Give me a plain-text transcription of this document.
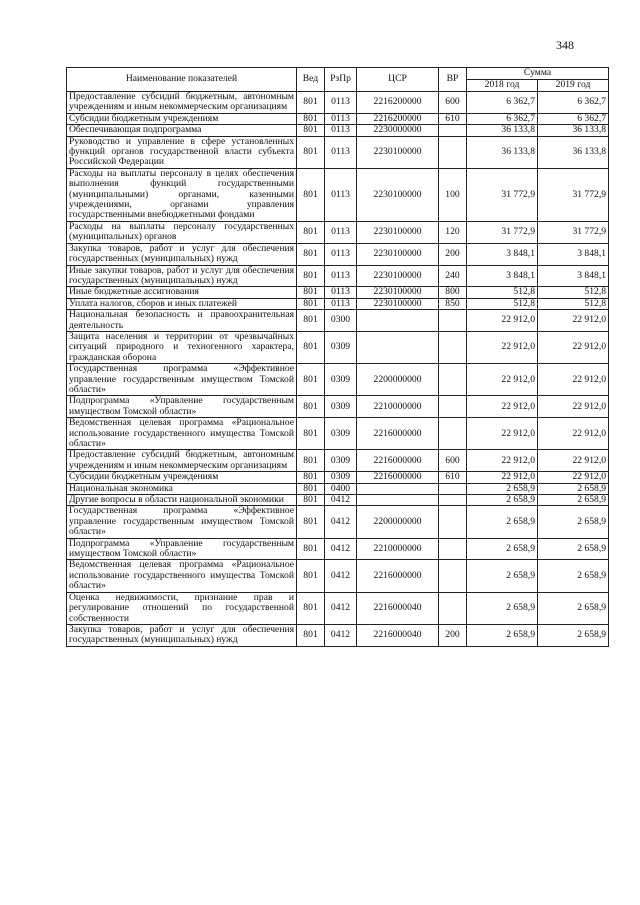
348
Наименование показателей	Вед	РзПр	ЦСР	ВР	Сумма	
					2018 год	2019 год
Предоставление субсидий бюджетным, автономным учреждениям и иным некоммерческим организациям	801	0113	2216200000	600	6 362,7	6 362,7
Субсидии бюджетным учреждениям	801	0113	2216200000	610	6 362,7	6 362,7
Обеспечивающая подпрограмма	801	0113	2230000000		36 133,8	36 133,8
Руководство и управление в сфере установленных функций органов государственной власти субъекта Российской Федерации	801	0113	2230100000		36 133,8	36 133,8
Расходы на выплаты персоналу в целях обеспечения выполнения функций государственными (муниципальными) органами, казенными учреждениями, органами управления государственными внебюджетными фондами	801	0113	2230100000	100	31 772,9	31 772,9
Расходы на выплаты персоналу государственных (муниципальных) органов	801	0113	2230100000	120	31 772,9	31 772,9
Закупка товаров, работ и услуг для обеспечения государственных (муниципальных) нужд	801	0113	2230100000	200	3 848,1	3 848,1
Иные закупки товаров, работ и услуг для обеспечения государственных (муниципальных) нужд	801	0113	2230100000	240	3 848,1	3 848,1
Иные бюджетные ассигнования	801	0113	2230100000	800	512,8	512,8
Уплата налогов, сборов и иных платежей	801	0113	2230100000	850	512,8	512,8
Национальная безопасность и правоохранительная деятельность	801	0300			22 912,0	22 912,0
Защита населения и территории от чрезвычайных ситуаций природного и техногенного характера, гражданская оборона	801	0309			22 912,0	22 912,0
Государственная программа «Эффективное управление государственным имуществом Томской области»	801	0309	2200000000		22 912,0	22 912,0
Подпрограмма «Управление государственным имуществом Томской области»	801	0309	2210000000		22 912,0	22 912,0
Ведомственная целевая программа «Рациональное использование государственного имущества Томской области»	801	0309	2216000000		22 912,0	22 912,0
Предоставление субсидий бюджетным, автономным учреждениям и иным некоммерческим организациям	801	0309	2216000000	600	22 912,0	22 912,0
Субсидии бюджетным учреждениям	801	0309	2216000000	610	22 912,0	22 912,0
Национальная экономика	801	0400			2 658,9	2 658,9
Другие вопросы в области национальной экономики	801	0412			2 658,9	2 658,9
Государственная программа «Эффективное управление государственным имуществом Томской области»	801	0412	2200000000		2 658,9	2 658,9
Подпрограмма «Управление государственным имуществом Томской области»	801	0412	2210000000		2 658,9	2 658,9
Ведомственная целевая программа «Рациональное использование государственного имущества Томской области»	801	0412	2216000000		2 658,9	2 658,9
Оценка недвижимости, признание прав и регулирование отношений по государственной собственности	801	0412	2216000040		2 658,9	2 658,9
Закупка товаров, работ и услуг для обеспечения государственных (муниципальных) нужд	801	0412	2216000040	200	2 658,9	2 658,9
